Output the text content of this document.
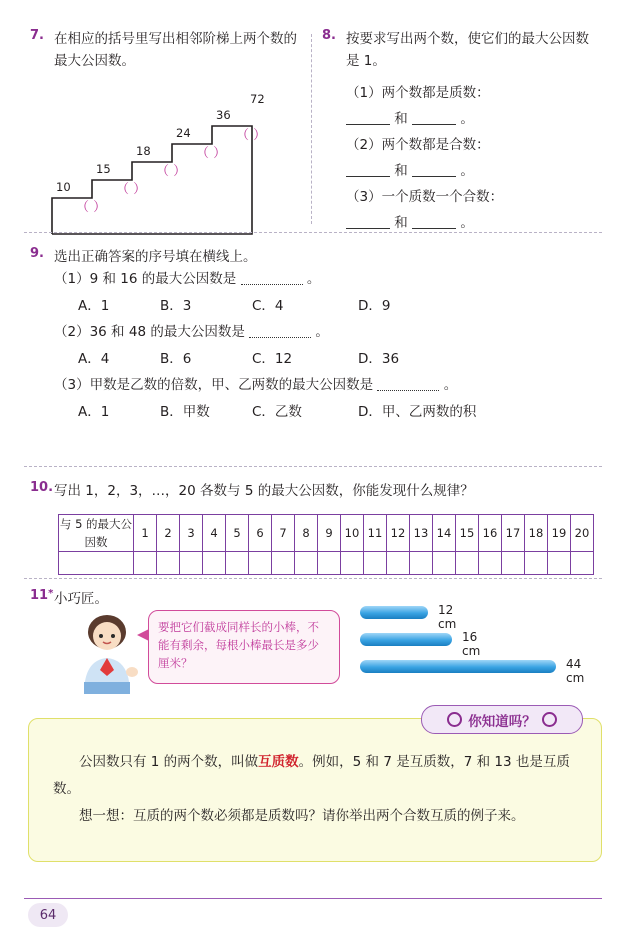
7. 在相应的括号里写出相邻阶梯上两个数的最大公因数。
10
15
18
24
36
72
（ ）
（ ）
（ ）
（ ）
（ ）
8. 按要求写出两个数，使它们的最大公因数是 1。
（1）两个数都是质数：
和	。
（2）两个数都是合数：
和	。
（3）一个质数一个合数：
和	。
9. 选出正确答案的序号填在横线上。
（1）9 和 16 的最大公因数是	。
A．1	B．3	C．4	D．9
（2）36 和 48 的最大公因数是	。
A．4	B．6	C．12	D．36
（3）甲数是乙数的倍数，甲、乙两数的最大公因数是	。
A．1	B．甲数	C．乙数	D．甲、乙两数的积
10. 写出 1，2，3，…，20 各数与 5 的最大公因数，你能发现什么规律？
与 5 的最大公因数	1	2	3	4	5	6	7	8	9	10	11	12	13	14	15	16	17	18	19	20

11* 小巧匠。
要把它们截成同样长的小棒，不能有剩余，每根小棒最长是多少厘米？
12 cm
16 cm
44 cm
你知道吗？
公因数只有 1 的两个数，叫做互质数。例如，5 和 7 是互质数，7 和 13 也是互质数。
想一想：互质的两个数必须都是质数吗？请你举出两个合数互质的例子来。
64
